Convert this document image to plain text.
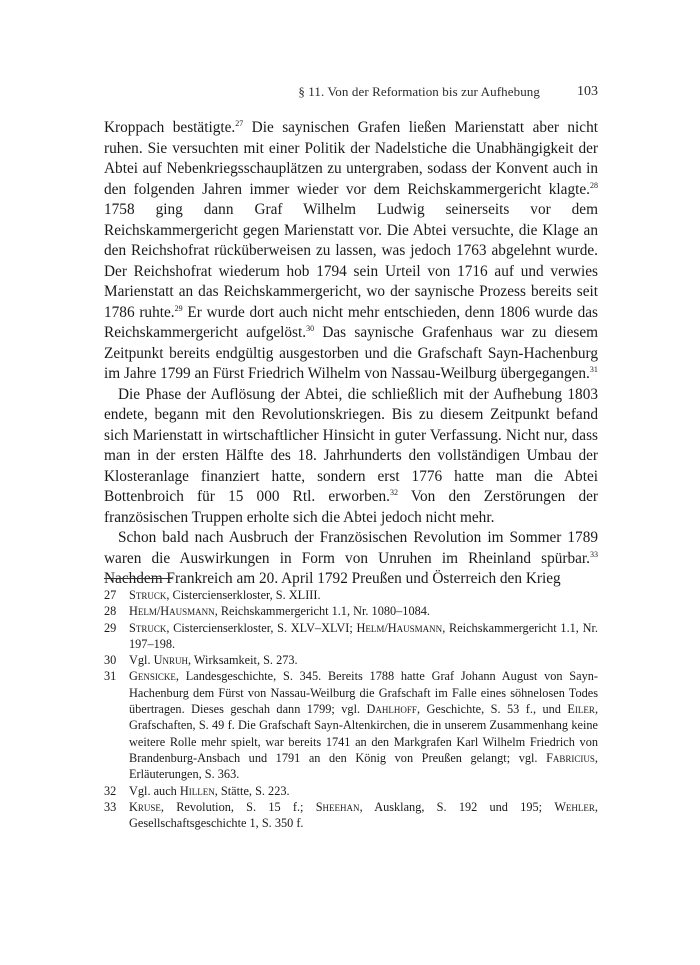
§ 11. Von der Reformation bis zur Aufhebung	103

Kroppach bestätigte.$^{27}$ Die saynischen Grafen ließen Marienstatt aber nicht ruhen. Sie versuchten mit einer Politik der Nadelstiche die Unabhängigkeit der Abtei auf Nebenkriegsschauplätzen zu untergraben, sodass der Konvent auch in den folgenden Jahren immer wieder vor dem Reichskammergericht klagte.$^{28}$ 1758 ging dann Graf Wilhelm Ludwig seinerseits vor dem Reichskammergericht gegen Marienstatt vor. Die Abtei versuchte, die Klage an den Reichshofrat rücküberweisen zu lassen, was jedoch 1763 abgelehnt wurde. Der Reichshofrat wiederum hob 1794 sein Urteil von 1716 auf und verwies Marienstatt an das Reichskammergericht, wo der saynische Prozess bereits seit 1786 ruhte.$^{29}$ Er wurde dort auch nicht mehr entschieden, denn 1806 wurde das Reichskammergericht aufgelöst.$^{30}$ Das saynische Grafenhaus war zu diesem Zeitpunkt bereits endgültig ausgestorben und die Grafschaft Sayn-Hachenburg im Jahre 1799 an Fürst Friedrich Wilhelm von Nassau-Weilburg übergegangen.$^{31}$

Die Phase der Auflösung der Abtei, die schließlich mit der Aufhebung 1803 endete, begann mit den Revolutionskriegen. Bis zu diesem Zeitpunkt befand sich Marienstatt in wirtschaftlicher Hinsicht in guter Verfassung. Nicht nur, dass man in der ersten Hälfte des 18. Jahrhunderts den vollständigen Umbau der Klosteranlage finanziert hatte, sondern erst 1776 hatte man die Abtei Bottenbroich für 15 000 Rtl. erworben.$^{32}$ Von den Zerstörungen der französischen Truppen erholte sich die Abtei jedoch nicht mehr.

Schon bald nach Ausbruch der Französischen Revolution im Sommer 1789 waren die Auswirkungen in Form von Unruhen im Rheinland spürbar.$^{33}$ Nachdem Frankreich am 20. April 1792 Preußen und Österreich den Krieg

27	Struck, Cistercienserkloster, S. XLIII.
28	Helm/Hausmann, Reichskammergericht 1.1, Nr. 1080–1084.
29	Struck, Cistercienserkloster, S. XLV–XLVI; Helm/Hausmann, Reichskammergericht 1.1, Nr. 197–198.
30	Vgl. Unruh, Wirksamkeit, S. 273.
31	Gensicke, Landesgeschichte, S. 345. Bereits 1788 hatte Graf Johann August von Sayn-Hachenburg dem Fürst von Nassau-Weilburg die Grafschaft im Falle eines söhnelosen Todes übertragen. Dieses geschah dann 1799; vgl. Dahlhoff, Geschichte, S. 53 f., und Eiler, Grafschaften, S. 49 f. Die Grafschaft Sayn-Altenkirchen, die in unserem Zusammenhang keine weitere Rolle mehr spielt, war bereits 1741 an den Markgrafen Karl Wilhelm Friedrich von Brandenburg-Ansbach und 1791 an den König von Preußen gelangt; vgl. Fabricius, Erläuterungen, S. 363.
32	Vgl. auch Hillen, Stätte, S. 223.
33	Kruse, Revolution, S. 15 f.; Sheehan, Ausklang, S. 192 und 195; Wehler, Gesellschaftsgeschichte 1, S. 350 f.
